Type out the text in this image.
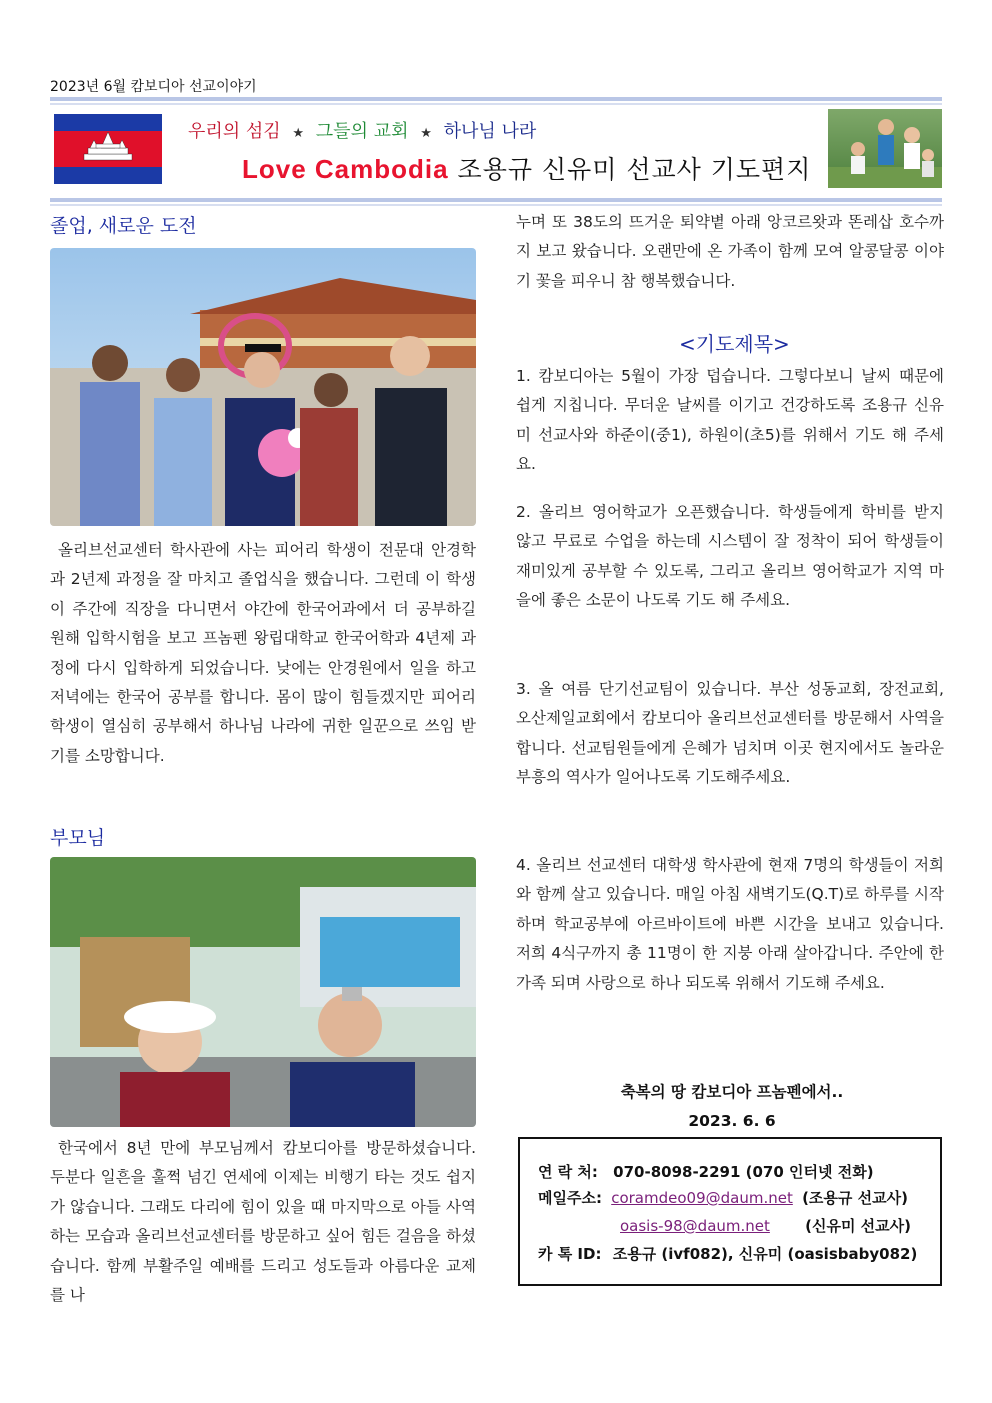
2023년 6월 캄보디아 선교이야기
우리의 섬김 ★ 그들의 교회 ★ 하나님 나라
Love Cambodia 조용규 신유미 선교사 기도편지
졸업, 새로운 도전

올리브선교센터 학사관에 사는 피어리 학생이 전문대 안경학과 2년제 과정을 잘 마치고 졸업식을 했습니다. 그런데 이 학생이 주간에 직장을 다니면서 야간에 한국어과에서 더 공부하길 원해 입학시험을 보고 프놈펜 왕립대학교 한국어학과 4년제 과정에 다시 입학하게 되었습니다. 낮에는 안경원에서 일을 하고 저녁에는 한국어 공부를 합니다. 몸이 많이 힘들겠지만 피어리 학생이 열심히 공부해서 하나님 나라에 귀한 일꾼으로 쓰임 받기를 소망합니다.

부모님

한국에서 8년 만에 부모님께서 캄보디아를 방문하셨습니다. 두분다 일흔을 훌쩍 넘긴 연세에 이제는 비행기 타는 것도 쉽지가 않습니다. 그래도 다리에 힘이 있을 때 마지막으로 아들 사역하는 모습과 올리브선교센터를 방문하고 싶어 힘든 걸음을 하셨습니다. 함께 부활주일 예배를 드리고 성도들과 아름다운 교제를 나

누며 또 38도의 뜨거운 퇴약볕 아래 앙코르왓과 똔레삽 호수까지 보고 왔습니다. 오랜만에 온 가족이 함께 모여 알콩달콩 이야기 꽃을 피우니 참 행복했습니다.

<기도제목>

1. 캄보디아는 5월이 가장 덥습니다. 그렇다보니 날씨 때문에 쉽게 지칩니다. 무더운 날씨를 이기고 건강하도록 조용규 신유미 선교사와 하준이(중1), 하원이(초5)를 위해서 기도 해 주세요.

2. 올리브 영어학교가 오픈했습니다. 학생들에게 학비를 받지 않고 무료로 수업을 하는데 시스템이 잘 정착이 되어 학생들이 재미있게 공부할 수 있도록, 그리고 올리브 영어학교가 지역 마을에 좋은 소문이 나도록 기도 해 주세요.

3. 올 여름 단기선교팀이 있습니다. 부산 성동교회, 장전교회, 오산제일교회에서 캄보디아 올리브선교센터를 방문해서 사역을 합니다. 선교팀원들에게 은혜가 넘치며 이곳 현지에서도 놀라운 부흥의 역사가 일어나도록 기도해주세요.

4. 올리브 선교센터 대학생 학사관에 현재 7명의 학생들이 저희와 함께 살고 있습니다. 매일 아침 새벽기도(Q.T)로 하루를 시작하며 학교공부에 아르바이트에 바쁜 시간을 보내고 있습니다. 저희 4식구까지 총 11명이 한 지붕 아래 살아갑니다. 주안에 한 가족 되며 사랑으로 하나 되도록 위해서 기도해 주세요.

축복의 땅 캄보디아 프놈펜에서..
2023. 6. 6
연 락 처: 070-8098-2291 (070 인터넷 전화)
메일주소: coramdeo09@daum.net (조용규 선교사)
oasis-98@daum.net (신유미 선교사)
카 톡 ID: 조용규 (ivf082), 신유미 (oasisbaby082)
